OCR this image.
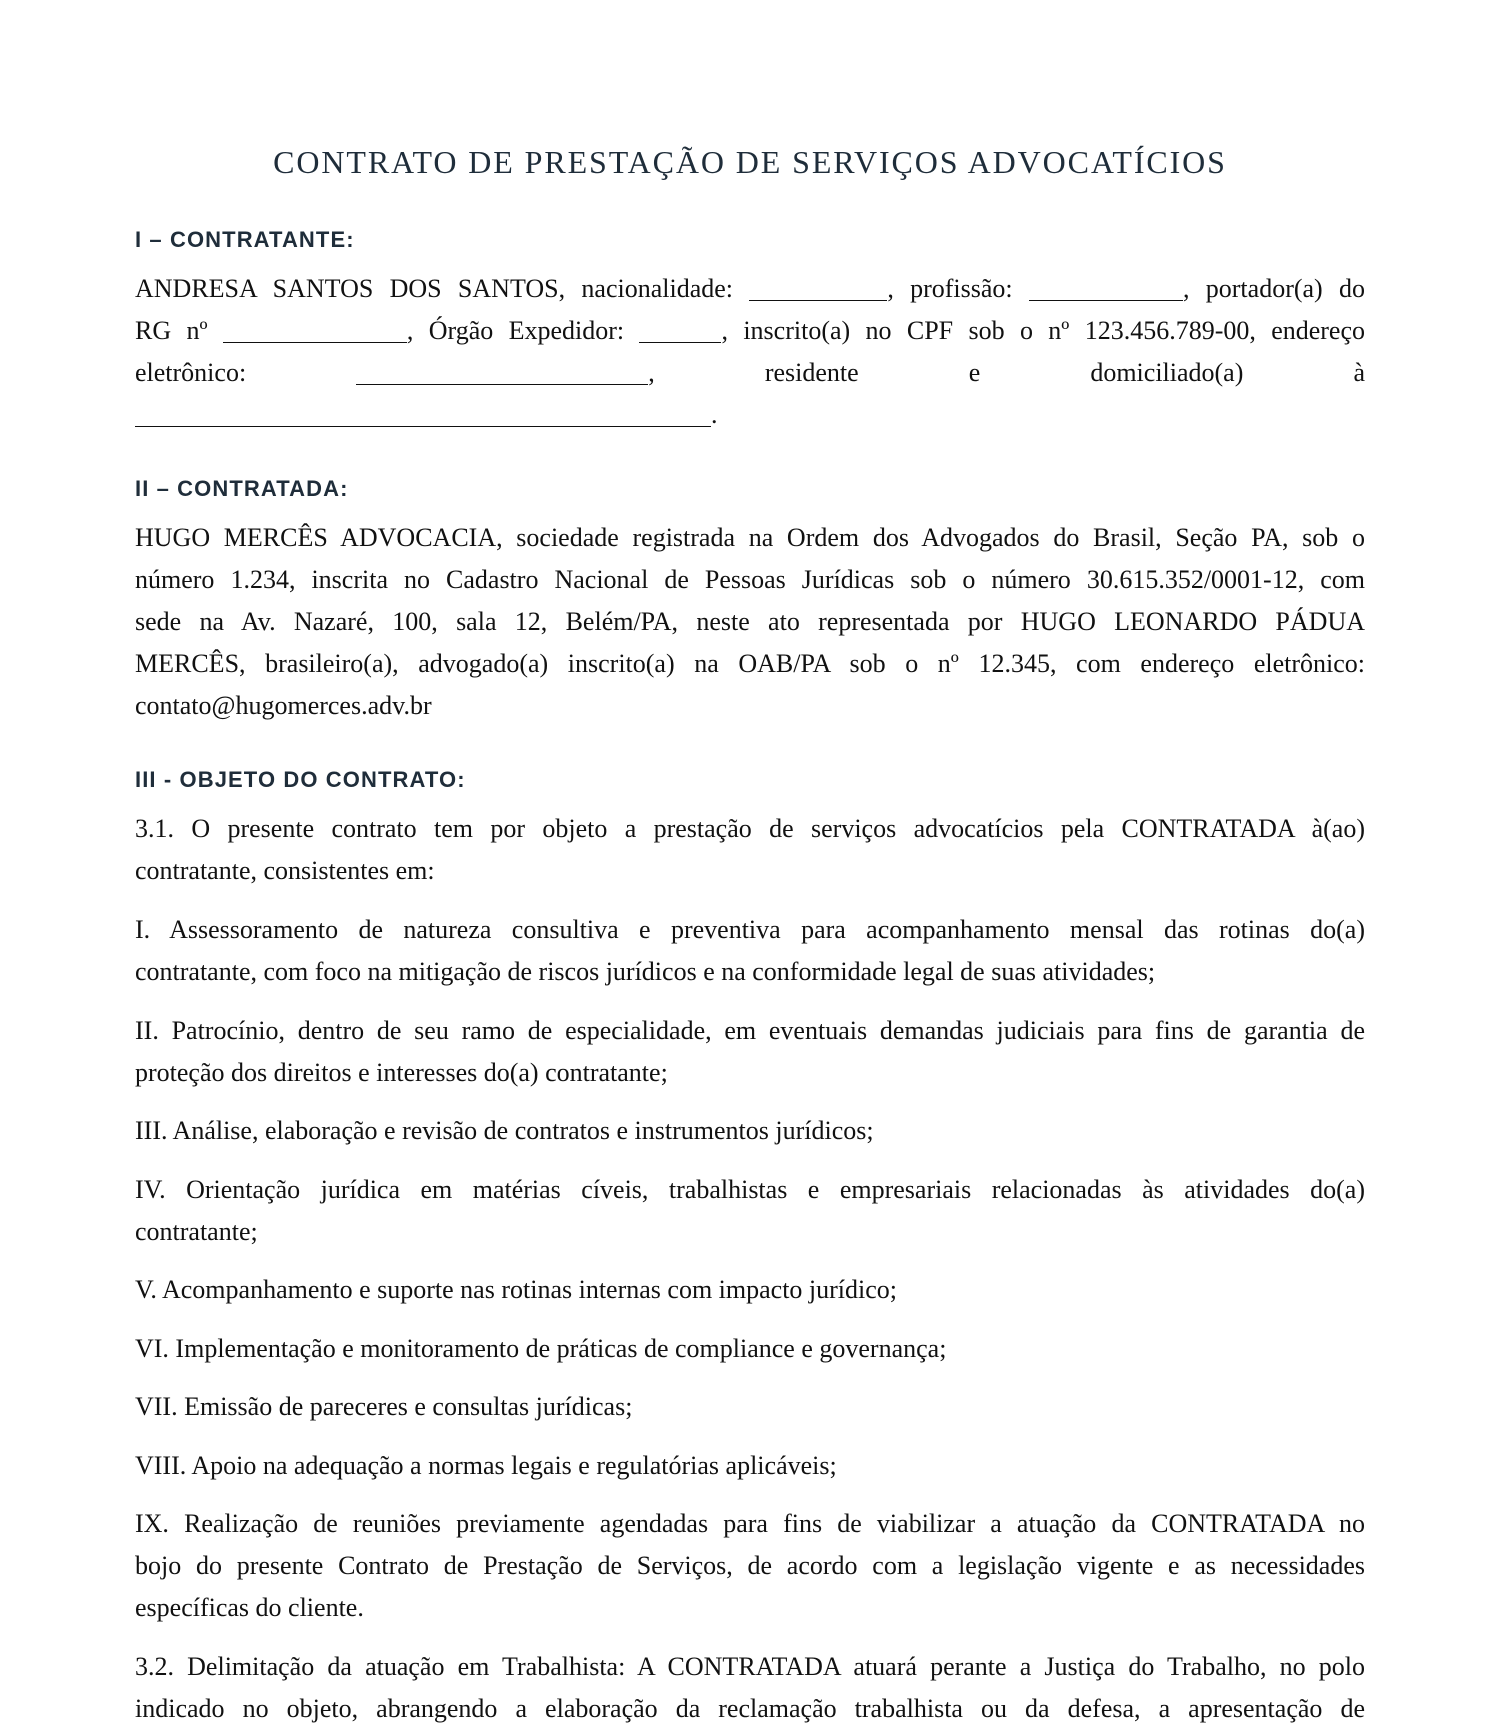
CONTRATO DE PRESTAÇÃO DE SERVIÇOS ADVOCATÍCIOS
I – CONTRATANTE:
ANDRESA SANTOS DOS SANTOS, nacionalidade:	, profissão:	, portador(a) do
RG nº	, Órgão Expedidor:	, inscrito(a) no CPF sob o nº 123.456.789-00, endereço
eletrônico:	,	residente	e	domiciliado(a)	à
.
II – CONTRATADA:
HUGO MERCÊS ADVOCACIA, sociedade registrada na Ordem dos Advogados do Brasil, Seção PA, sob o
número 1.234, inscrita no Cadastro Nacional de Pessoas Jurídicas sob o número 30.615.352/0001-12, com
sede na Av. Nazaré, 100, sala 12, Belém/PA, neste ato representada por HUGO LEONARDO PÁDUA
MERCÊS, brasileiro(a), advogado(a) inscrito(a) na OAB/PA sob o nº 12.345, com endereço eletrônico:
contato@hugomerces.adv.br
III - OBJETO DO CONTRATO:
3.1. O presente contrato tem por objeto a prestação de serviços advocatícios pela CONTRATADA à(ao)
contratante, consistentes em:
I. Assessoramento de natureza consultiva e preventiva para acompanhamento mensal das rotinas do(a)
contratante, com foco na mitigação de riscos jurídicos e na conformidade legal de suas atividades;
II. Patrocínio, dentro de seu ramo de especialidade, em eventuais demandas judiciais para fins de garantia de
proteção dos direitos e interesses do(a) contratante;
III. Análise, elaboração e revisão de contratos e instrumentos jurídicos;
IV. Orientação jurídica em matérias cíveis, trabalhistas e empresariais relacionadas às atividades do(a)
contratante;
V. Acompanhamento e suporte nas rotinas internas com impacto jurídico;
VI. Implementação e monitoramento de práticas de compliance e governança;
VII. Emissão de pareceres e consultas jurídicas;
VIII. Apoio na adequação a normas legais e regulatórias aplicáveis;
IX. Realização de reuniões previamente agendadas para fins de viabilizar a atuação da CONTRATADA no
bojo do presente Contrato de Prestação de Serviços, de acordo com a legislação vigente e as necessidades
específicas do cliente.
3.2. Delimitação da atuação em Trabalhista: A CONTRATADA atuará perante a Justiça do Trabalho, no polo
indicado no objeto, abrangendo a elaboração da reclamação trabalhista ou da defesa, a apresentação de
